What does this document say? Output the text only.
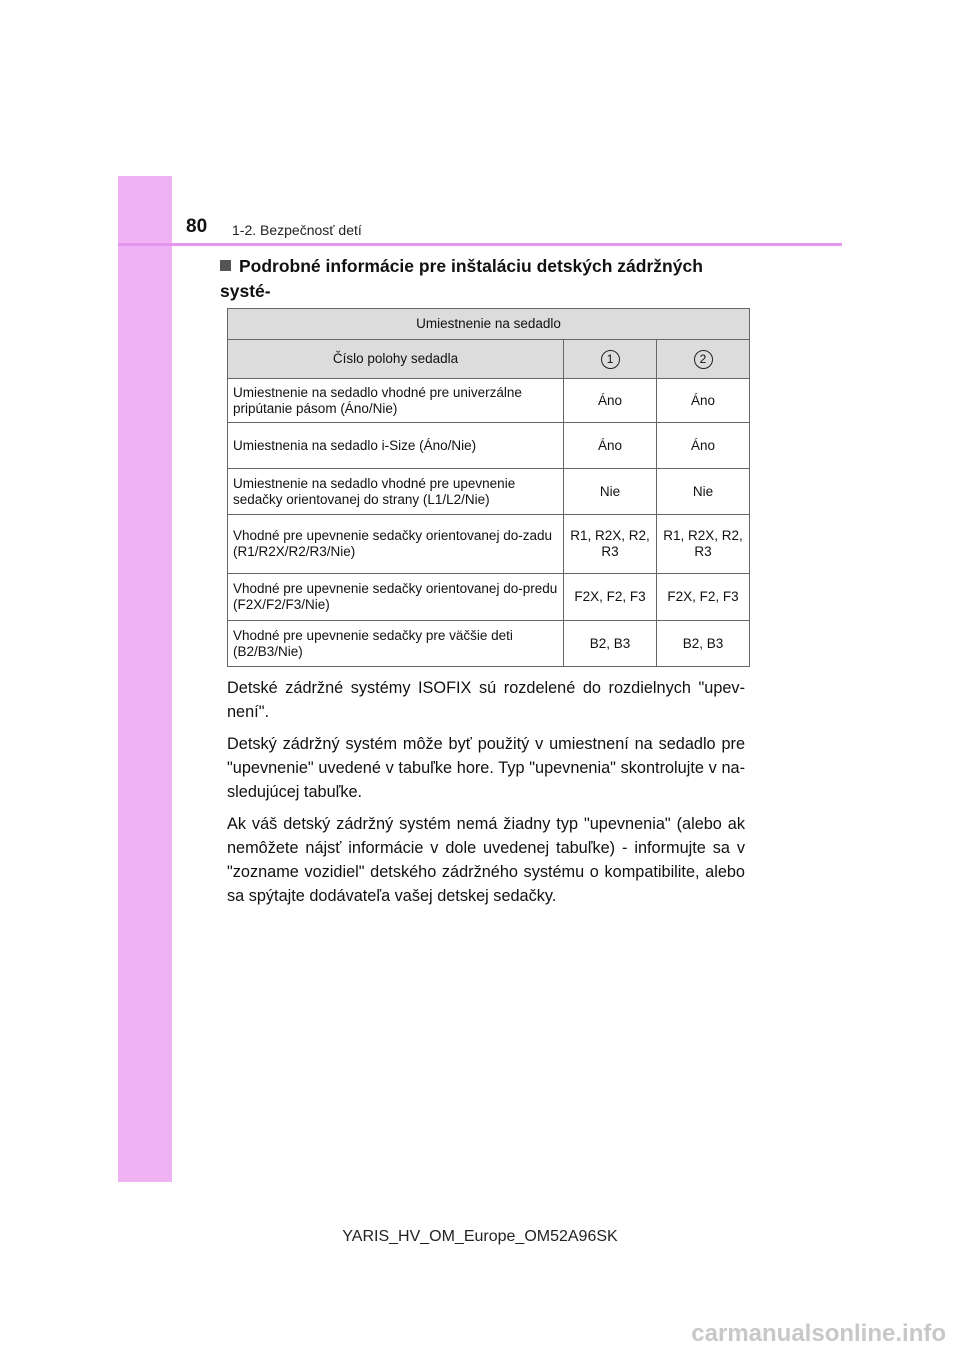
80 1-2. Bezpečnosť detí
Podrobné informácie pre inštaláciu detských zádržných systé-
Umiestnenie na sedadlo		
Číslo polohy sedadla	1	2
Umiestnenie na sedadlo vhodné pre univerzálne pripútanie pásom (Áno/Nie)	Áno	Áno
Umiestnenia na sedadlo i-Size (Áno/Nie)	Áno	Áno
Umiestnenie na sedadlo vhodné pre upevnenie sedačky orientovanej do strany (L1/L2/Nie)	Nie	Nie
Vhodné pre upevnenie sedačky orientovanej do-zadu (R1/R2X/R2/R3/Nie)	R1, R2X, R2, R3	R1, R2X, R2, R3
Vhodné pre upevnenie sedačky orientovanej do-predu (F2X/F2/F3/Nie)	F2X, F2, F3	F2X, F2, F3
Vhodné pre upevnenie sedačky pre väčšie deti (B2/B3/Nie)	B2, B3	B2, B3

Detské zádržné systémy ISOFIX sú rozdelené do rozdielnych "upev-není".

Detský zádržný systém môže byť použitý v umiestnení na sedadlo pre "upevnenie" uvedené v tabuľke hore. Typ "upevnenia" skontrolujte v na-sledujúcej tabuľke.

Ak váš detský zádržný systém nemá žiadny typ "upevnenia" (alebo ak nemôžete nájsť informácie v dole uvedenej tabuľke) - informujte sa v "zozname vozidiel" detského zádržného systému o kompatibilite, alebo sa spýtajte dodávateľa vašej detskej sedačky.

YARIS_HV_OM_Europe_OM52A96SK
carmanualsonline.info
